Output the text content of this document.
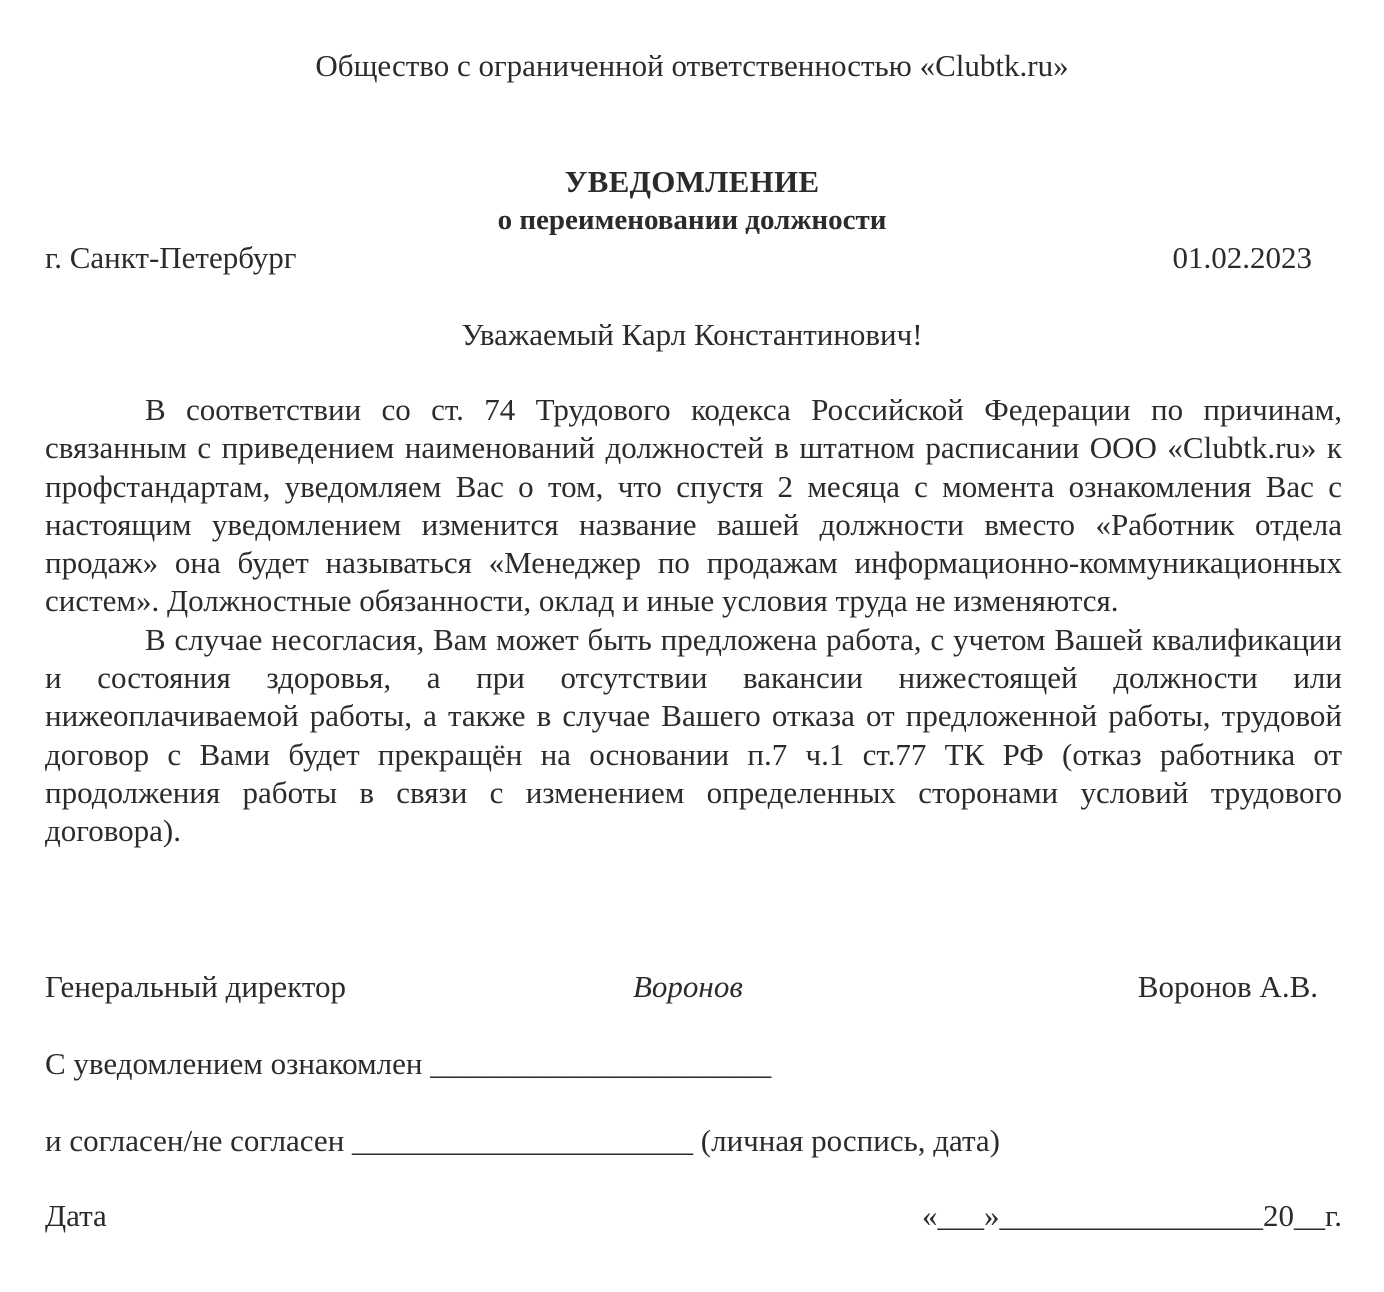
Общество с ограниченной ответственностью «Clubtk.ru»
УВЕДОМЛЕНИЕ
о переименовании должности
г. Санкт-Петербург	01.02.2023
Уважаемый Карл Константинович!

В соответствии со ст. 74 Трудового кодекса Российской Федерации по причинам, связанным с приведением наименований должностей в штатном расписании ООО «Clubtk.ru» к профстандартам, уведомляем Вас о том, что спустя 2 месяца с момента ознакомления Вас с настоящим уведомлением изменится название вашей должности вместо «Работник отдела продаж» она будет называться «Менеджер по продажам информационно-коммуникационных систем». Должностные обязанности, оклад и иные условия труда не изменяются.

В случае несогласия, Вам может быть предложена работа, с учетом Вашей квалификации и состояния здоровья, а при отсутствии вакансии нижестоящей должности или нижеоплачиваемой работы, а также в случае Вашего отказа от предложенной работы, трудовой договор с Вами будет прекращён на основании п.7 ч.1 ст.77 ТК РФ (отказ работника от продолжения работы в связи с изменением определенных сторонами условий трудового договора).

Генеральный директор	Воронов	Воронов А.В.
С уведомлением ознакомлен ______________________
и согласен/не согласен ______________________ (личная роспись, дата)
Дата	«___»_________________20__г.
